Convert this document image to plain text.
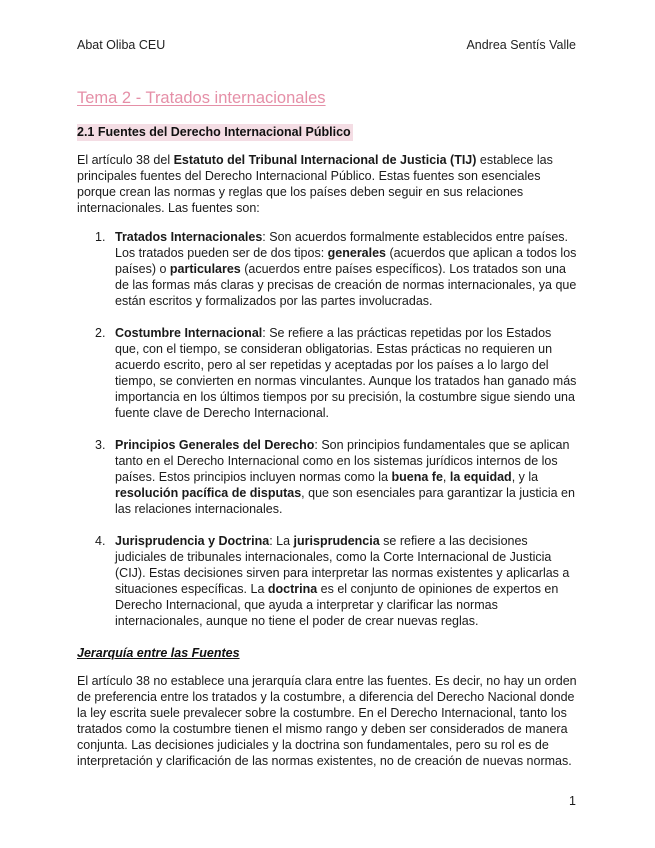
Abat Oliba CEU	Andrea Sentís Valle
Tema 2 - Tratados internacionales
2.1 Fuentes del Derecho Internacional Público

El artículo 38 del Estatuto del Tribunal Internacional de Justicia (TIJ) establece las principales fuentes del Derecho Internacional Público. Estas fuentes son esenciales porque crean las normas y reglas que los países deben seguir en sus relaciones internacionales. Las fuentes son:

1. Tratados Internacionales: Son acuerdos formalmente establecidos entre países. Los tratados pueden ser de dos tipos: generales (acuerdos que aplican a todos los países) o particulares (acuerdos entre países específicos). Los tratados son una de las formas más claras y precisas de creación de normas internacionales, ya que están escritos y formalizados por las partes involucradas.
2. Costumbre Internacional: Se refiere a las prácticas repetidas por los Estados que, con el tiempo, se consideran obligatorias. Estas prácticas no requieren un acuerdo escrito, pero al ser repetidas y aceptadas por los países a lo largo del tiempo, se convierten en normas vinculantes. Aunque los tratados han ganado más importancia en los últimos tiempos por su precisión, la costumbre sigue siendo una fuente clave de Derecho Internacional.
3. Principios Generales del Derecho: Son principios fundamentales que se aplican tanto en el Derecho Internacional como en los sistemas jurídicos internos de los países. Estos principios incluyen normas como la buena fe, la equidad, y la resolución pacífica de disputas, que son esenciales para garantizar la justicia en las relaciones internacionales.
4. Jurisprudencia y Doctrina: La jurisprudencia se refiere a las decisiones judiciales de tribunales internacionales, como la Corte Internacional de Justicia (CIJ). Estas decisiones sirven para interpretar las normas existentes y aplicarlas a situaciones específicas. La doctrina es el conjunto de opiniones de expertos en Derecho Internacional, que ayuda a interpretar y clarificar las normas internacionales, aunque no tiene el poder de crear nuevas reglas.
Jerarquía entre las Fuentes

El artículo 38 no establece una jerarquía clara entre las fuentes. Es decir, no hay un orden de preferencia entre los tratados y la costumbre, a diferencia del Derecho Nacional donde la ley escrita suele prevalecer sobre la costumbre. En el Derecho Internacional, tanto los tratados como la costumbre tienen el mismo rango y deben ser considerados de manera conjunta. Las decisiones judiciales y la doctrina son fundamentales, pero su rol es de interpretación y clarificación de las normas existentes, no de creación de nuevas normas.

1
